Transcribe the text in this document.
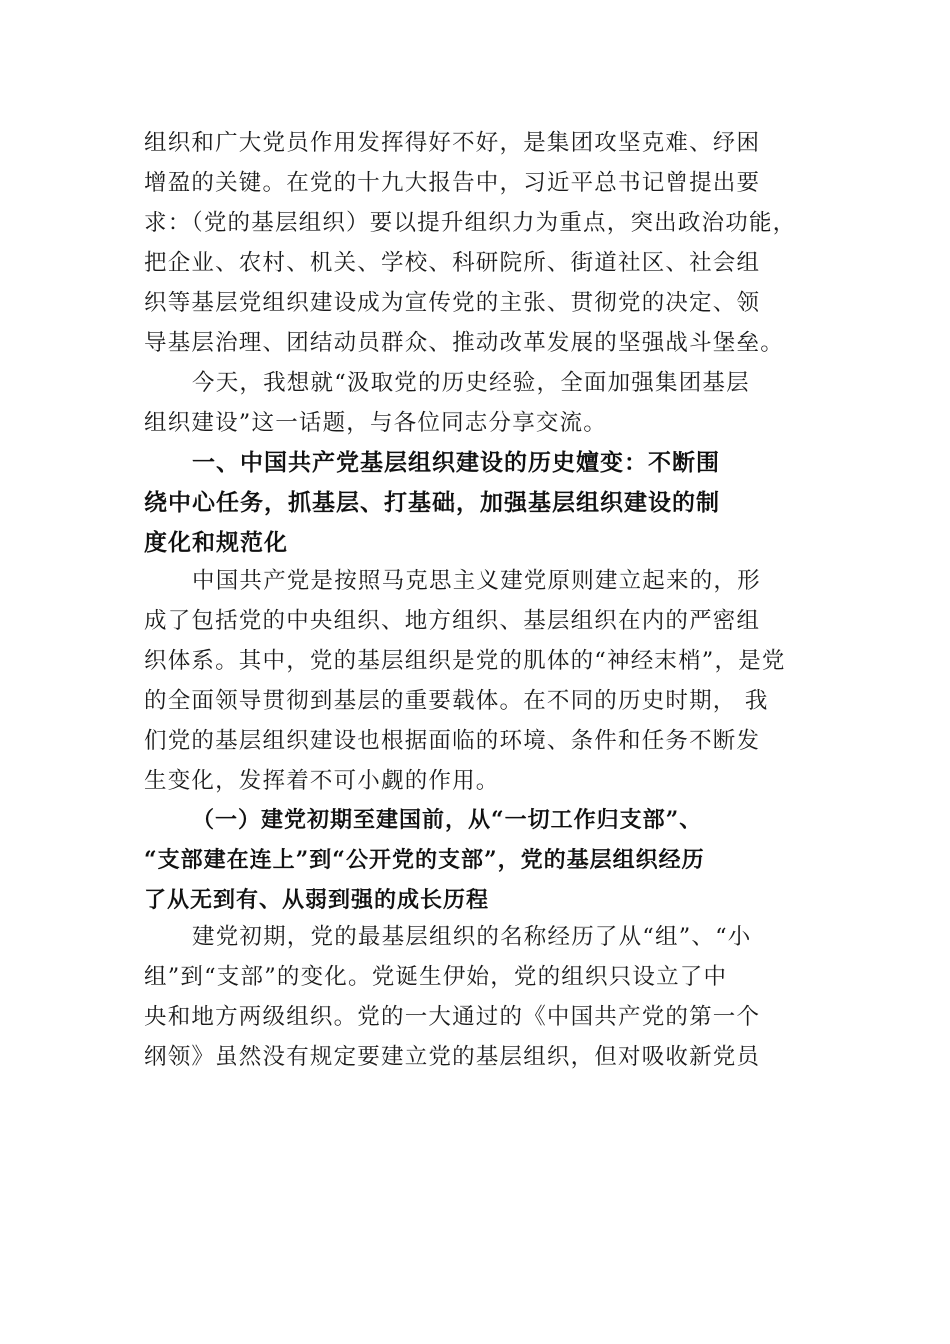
组织和广大党员作用发挥得好不好，是集团攻坚克难、纾困
增盈的关键。在党的十九大报告中，习近平总书记曾提出要
求：（党的基层组织）要以提升组织力为重点，突出政治功能，
把企业、农村、机关、学校、科研院所、街道社区、社会组
织等基层党组织建设成为宣传党的主张、贯彻党的决定、领
导基层治理、团结动员群众、推动改革发展的坚强战斗堡垒。
今天，我想就“汲取党的历史经验，全面加强集团基层
组织建设”这一话题，与各位同志分享交流。
一、中国共产党基层组织建设的历史嬗变：不断围
绕中心任务，抓基层、打基础，加强基层组织建设的制
度化和规范化
中国共产党是按照马克思主义建党原则建立起来的，形
成了包括党的中央组织、地方组织、基层组织在内的严密组
织体系。其中，党的基层组织是党的肌体的“神经末梢”，是党
的全面领导贯彻到基层的重要载体。在不同的历史时期， 我
们党的基层组织建设也根据面临的环境、条件和任务不断发
生变化，发挥着不可小觑的作用。
（一）建党初期至建国前，从“一切工作归支部”、
“支部建在连上”到“公开党的支部”，党的基层组织经历
了从无到有、从弱到强的成长历程
建党初期，党的最基层组织的名称经历了从“组”、“小
组”到“支部”的变化。党诞生伊始，党的组织只设立了中
央和地方两级组织。党的一大通过的《中国共产党的第一个
纲领》虽然没有规定要建立党的基层组织，但对吸收新党员
